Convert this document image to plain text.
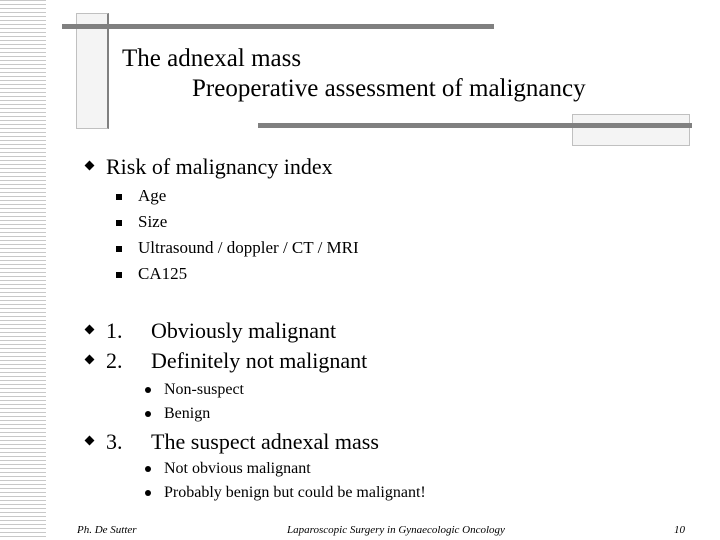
The adnexal mass
Preoperative assessment of malignancy
Risk of malignancy index
Age
Size
Ultrasound / doppler / CT / MRI
CA125
1. Obviously malignant
2. Definitely not malignant
Non-suspect
Benign
3. The suspect adnexal mass
Not obvious malignant
Probably benign but could be malignant!
Ph. De Sutter	Laparoscopic Surgery in Gynaecologic Oncology	10
